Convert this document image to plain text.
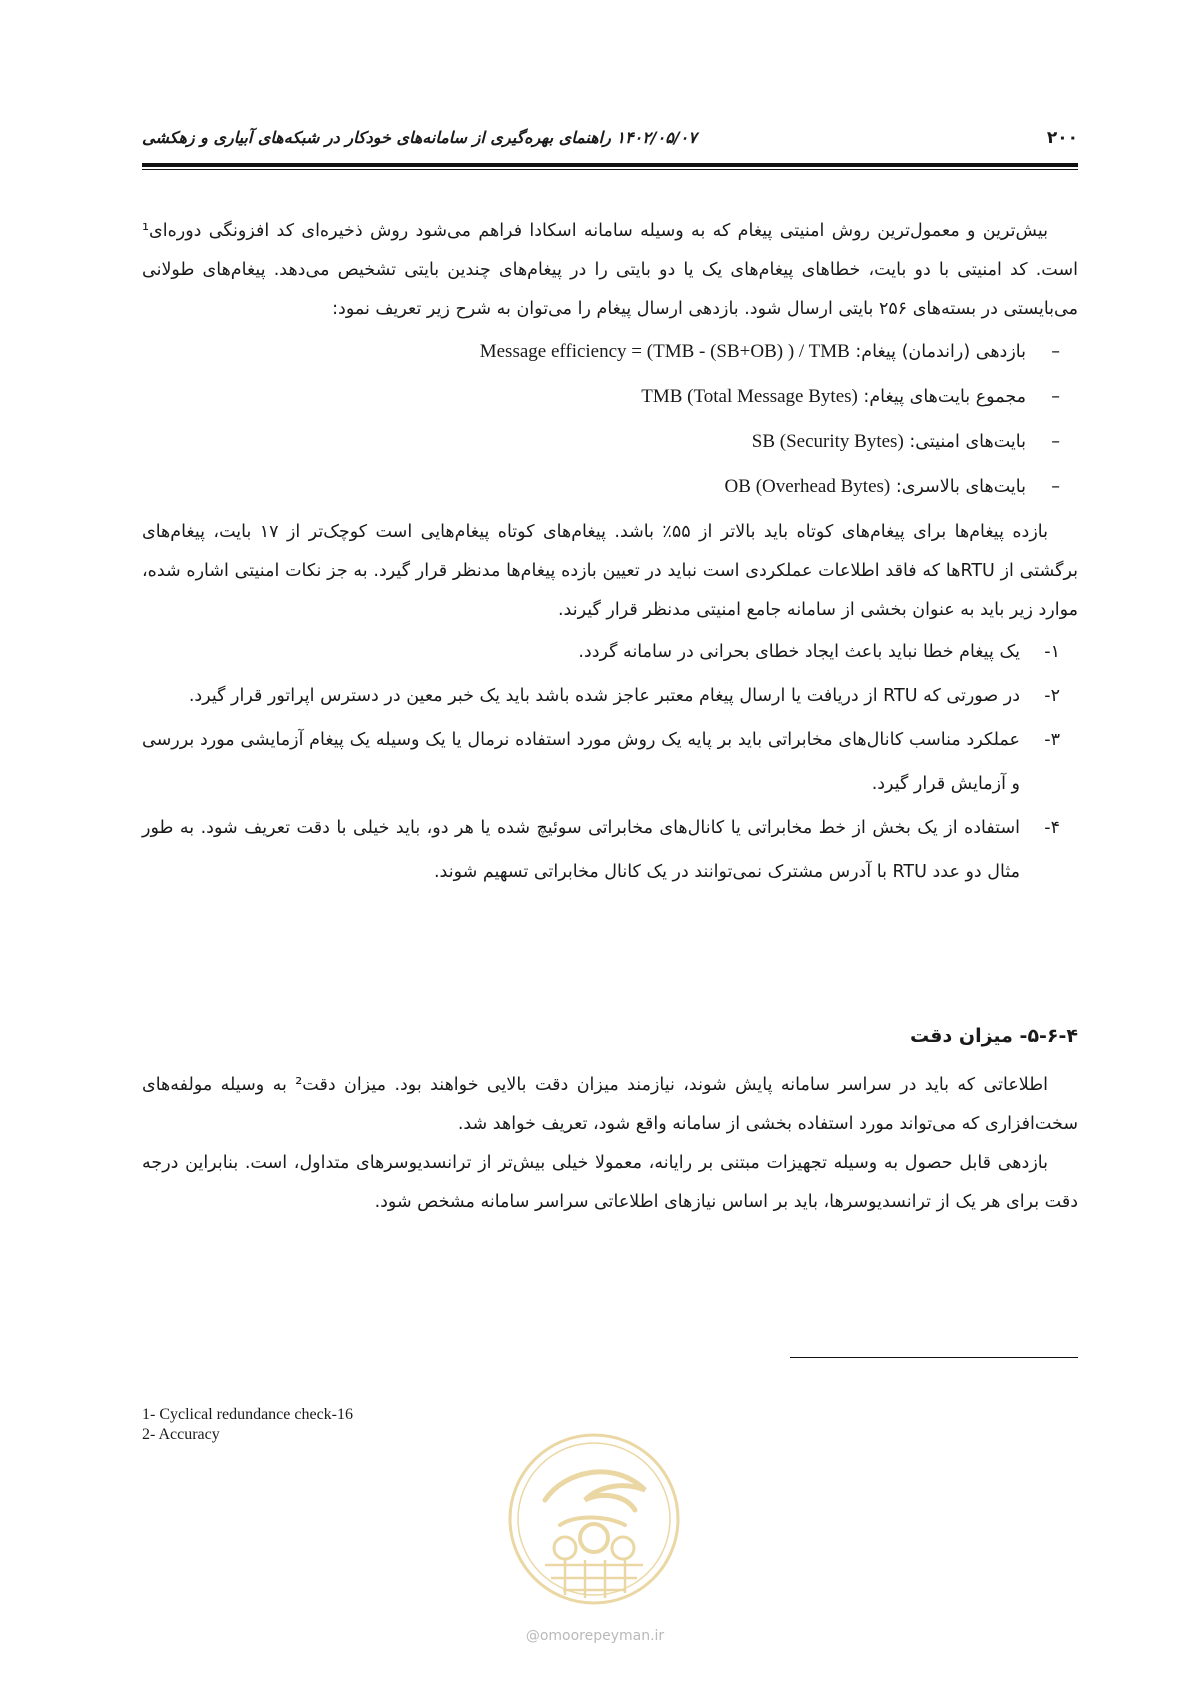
۲۰۰
۱۴۰۲/۰۵/۰۷ راهنمای بهره‌گیری از سامانه‌های خودکار در شبکه‌های آبیاری و زهکشی

بیش‌ترین و معمول‌ترین روش امنیتی پیغام که به وسیله سامانه اسکادا فراهم می‌شود روش ذخیره‌ای کد افزونگی دوره‌ای¹ است. کد امنیتی با دو بایت، خطاهای پیغام‌های یک یا دو بایتی را در پیغام‌های چندین بایتی تشخیص می‌دهد. پیغام‌های طولانی می‌بایستی در بسته‌های ۲۵۶ بایتی ارسال شود. بازدهی ارسال پیغام را می‌توان به شرح زیر تعریف نمود:

–بازدهی (راندمان) پیغام: Message efficiency = (TMB - (SB+OB) ) / TMB
–مجموع بایت‌های پیغام: TMB (Total Message Bytes)
–بایت‌های امنیتی: SB (Security Bytes)
–بایت‌های بالاسری: OB (Overhead Bytes)

بازده پیغام‌ها برای پیغام‌های کوتاه باید بالاتر از ۵۵٪ باشد. پیغام‌های کوتاه پیغام‌هایی است کوچک‌تر از ۱۷ بایت، پیغام‌های برگشتی از RTUها که فاقد اطلاعات عملکردی است نباید در تعیین بازده پیغام‌ها مدنظر قرار گیرد. به جز نکات امنیتی اشاره شده، موارد زیر باید به عنوان بخشی از سامانه جامع امنیتی مدنظر قرار گیرند.

۱-
یک پیغام خطا نباید باعث ایجاد خطای بحرانی در سامانه گردد.
۲-
در صورتی که RTU از دریافت یا ارسال پیغام معتبر عاجز شده باشد باید یک خبر معین در دسترس اپراتور قرار گیرد.
۳-
عملکرد مناسب کانال‌های مخابراتی باید بر پایه یک روش مورد استفاده نرمال یا یک وسیله یک پیغام آزمایشی مورد بررسی و آزمایش قرار گیرد.
۴-
استفاده از یک بخش از خط مخابراتی یا کانال‌های مخابراتی سوئیچ شده یا هر دو، باید خیلی با دقت تعریف شود. به طور مثال دو عدد RTU با آدرس مشترک نمی‌توانند در یک کانال مخابراتی تسهیم شوند.
۵-۶-۴- میزان دقت

اطلاعاتی که باید در سراسر سامانه پایش شوند، نیازمند میزان دقت بالایی خواهند بود. میزان دقت² به وسیله مولفه‌های سخت‌افزاری که می‌تواند مورد استفاده بخشی از سامانه واقع شود، تعریف خواهد شد.

بازدهی قابل حصول به وسیله تجهیزات مبتنی بر رایانه، معمولا خیلی بیش‌تر از ترانسدیوسرهای متداول، است. بنابراین درجه دقت برای هر یک از ترانسدیوسرها، باید بر اساس نیازهای اطلاعاتی سراسر سامانه مشخص شود.

1- Cyclical redundance check-16
2- Accuracy
@omoorepeyman.ir
